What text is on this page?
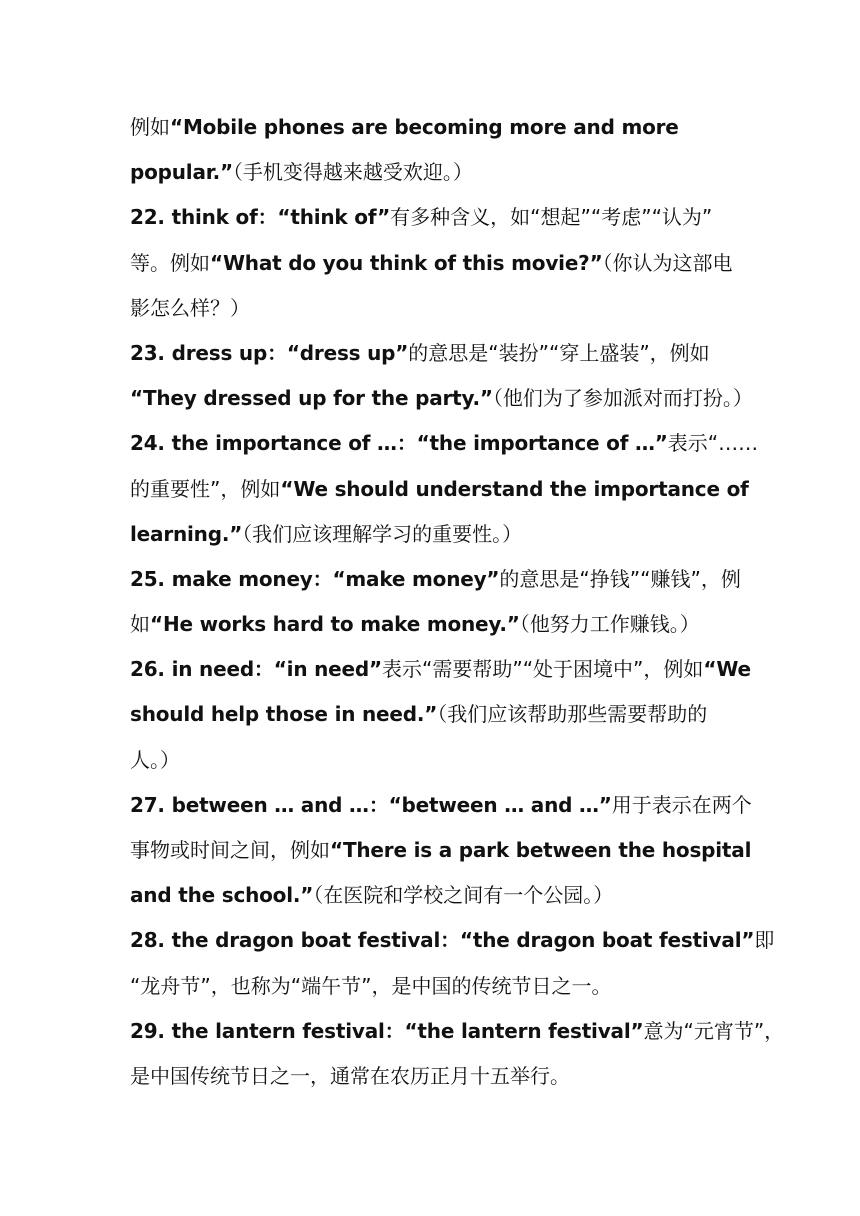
例如“Mobile phones are becoming more and more
popular.”（手机变得越来越受欢迎。）
22. think of：“think of”有多种含义，如“想起”“考虑”“认为”
等。例如“What do you think of this movie?”（你认为这部电
影怎么样？）
23. dress up：“dress up”的意思是“装扮”“穿上盛装”，例如
“They dressed up for the party.”（他们为了参加派对而打扮。）
24. the importance of …：“the importance of …”表示“……
的重要性”，例如“We should understand the importance of
learning.”（我们应该理解学习的重要性。）
25. make money：“make money”的意思是“挣钱”“赚钱”，例
如“He works hard to make money.”（他努力工作赚钱。）
26. in need：“in need”表示“需要帮助”“处于困境中”，例如“We
should help those in need.”（我们应该帮助那些需要帮助的
人。）
27. between … and …：“between … and …”用于表示在两个
事物或时间之间，例如“There is a park between the hospital
and the school.”（在医院和学校之间有一个公园。）
28. the dragon boat festival：“the dragon boat festival”即
“龙舟节”，也称为“端午节”，是中国的传统节日之一。
29. the lantern festival：“the lantern festival”意为“元宵节”，
是中国传统节日之一，通常在农历正月十五举行。
